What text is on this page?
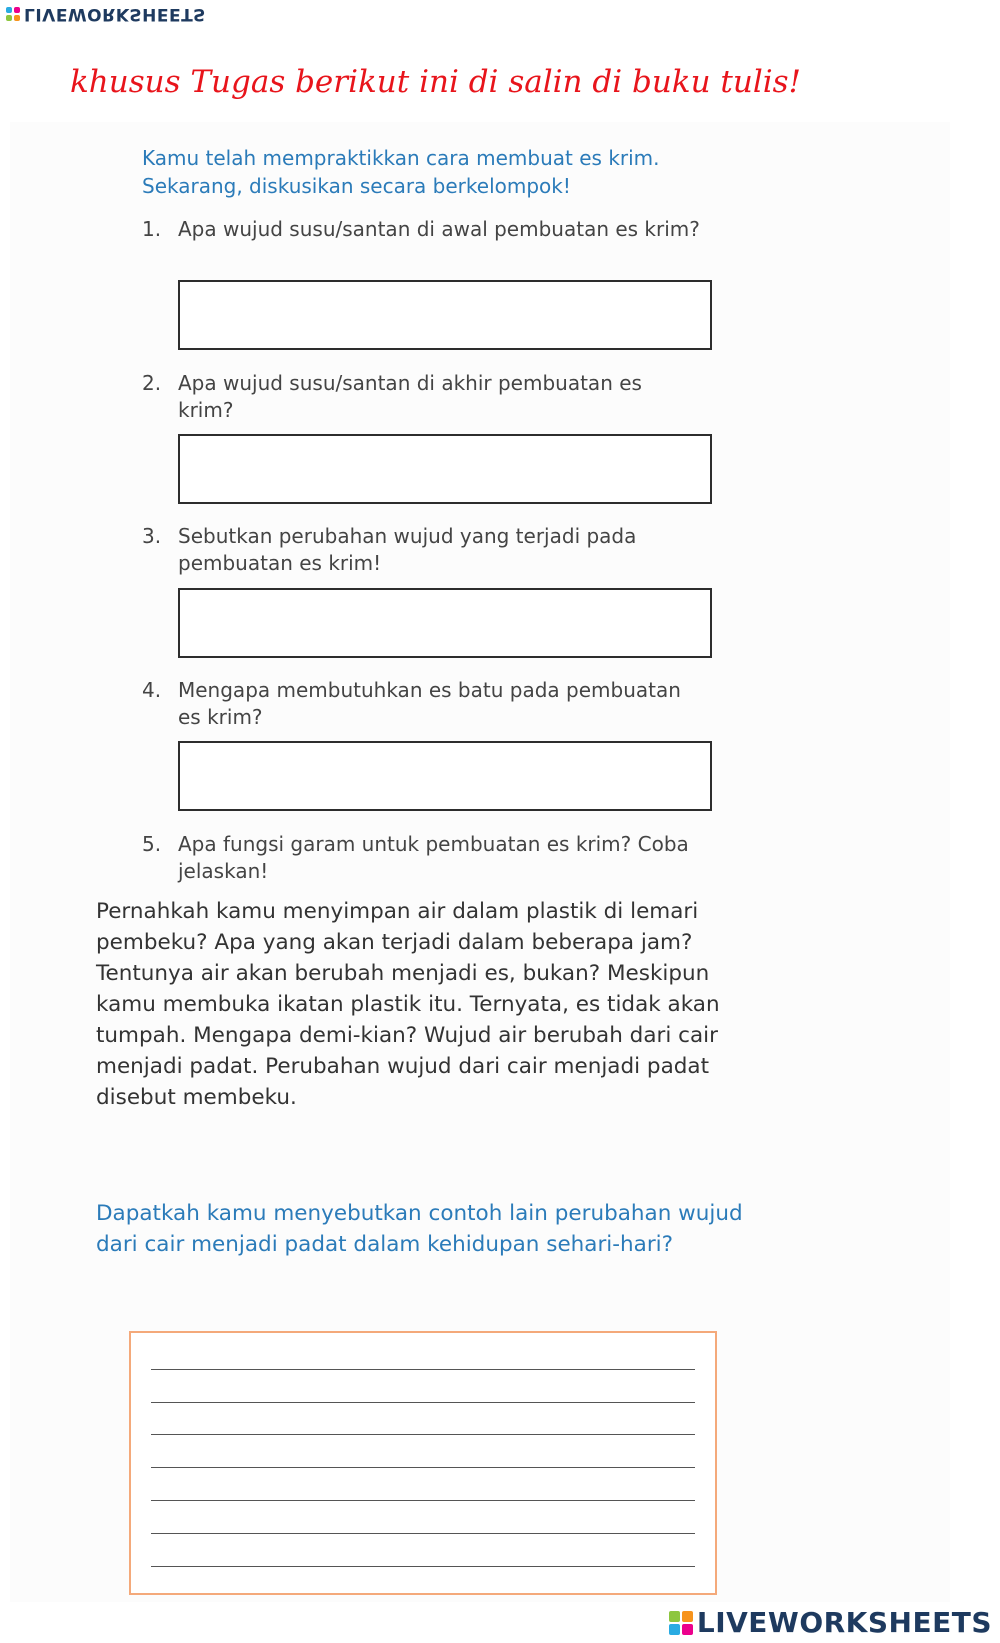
LIVEWORKSHEETS
khusus Tugas berikut ini di salin di buku tulis!
Kamu telah mempraktikkan cara membuat es krim.
Sekarang, diskusikan secara berkelompok!
1. Apa wujud susu/santan di awal pembuatan es krim?
2. Apa wujud susu/santan di akhir pembuatan es krim?
3. Sebutkan perubahan wujud yang terjadi pada pembuatan es krim!
4. Mengapa membutuhkan es batu pada pembuatan es krim?
5. Apa fungsi garam untuk pembuatan es krim? Coba jelaskan!
Pernahkah kamu menyimpan air dalam plastik di lemari pembeku? Apa yang akan terjadi dalam beberapa jam? Tentunya air akan berubah menjadi es, bukan? Meskipun kamu membuka ikatan plastik itu. Ternyata, es tidak akan tumpah. Mengapa demi-kian? Wujud air berubah dari cair menjadi padat. Perubahan wujud dari cair menjadi padat disebut membeku.
Dapatkah kamu menyebutkan contoh lain perubahan wujud dari cair menjadi padat dalam kehidupan sehari-hari?
LIVEWORKSHEETS
